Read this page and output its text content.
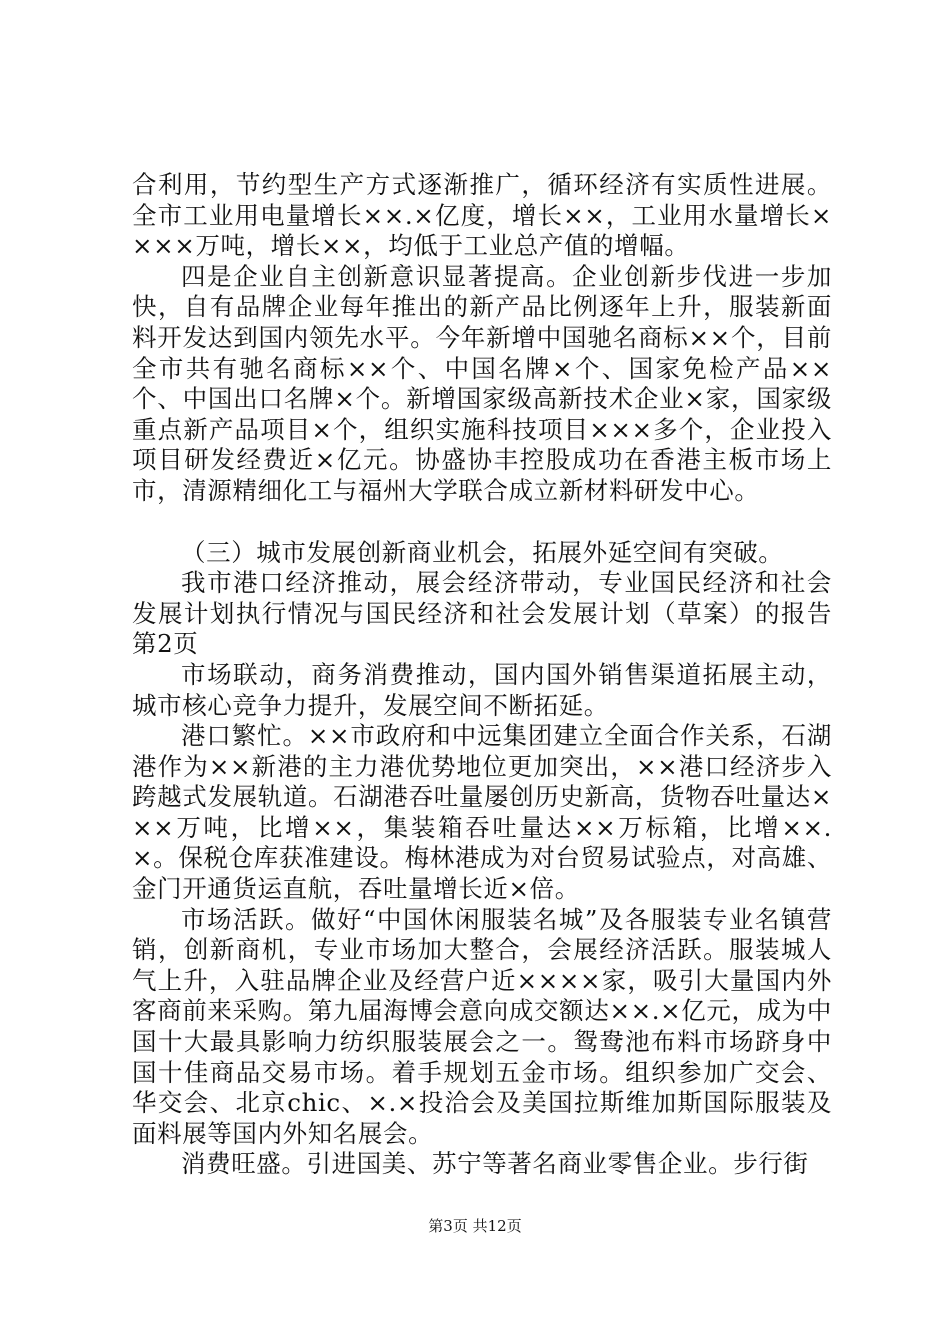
合利用，节约型生产方式逐渐推广，循环经济有实质性进展。全市工业用电量增长××.×亿度，增长××，工业用水量增长××××万吨，增长××，均低于工业总产值的增幅。

四是企业自主创新意识显著提高。企业创新步伐进一步加快，自有品牌企业每年推出的新产品比例逐年上升，服装新面料开发达到国内领先水平。今年新增中国驰名商标××个，目前全市共有驰名商标××个、中国名牌×个、国家免检产品××个、中国出口名牌×个。新增国家级高新技术企业×家，国家级重点新产品项目×个，组织实施科技项目×××多个，企业投入项目研发经费近×亿元。协盛协丰控股成功在香港主板市场上市，清源精细化工与福州大学联合成立新材料研发中心。

（三）城市发展创新商业机会，拓展外延空间有突破。

我市港口经济推动，展会经济带动，专业国民经济和社会发展计划执行情况与国民经济和社会发展计划（草案）的报告第2页

市场联动，商务消费推动，国内国外销售渠道拓展主动，城市核心竞争力提升，发展空间不断拓延。

港口繁忙。××市政府和中远集团建立全面合作关系，石湖港作为××新港的主力港优势地位更加突出，××港口经济步入跨越式发展轨道。石湖港吞吐量屡创历史新高，货物吞吐量达×××万吨，比增××，集装箱吞吐量达××万标箱，比增××.×。保税仓库获准建设。梅林港成为对台贸易试验点，对高雄、金门开通货运直航，吞吐量增长近×倍。

市场活跃。做好“中国休闲服装名城”及各服装专业名镇营销，创新商机，专业市场加大整合，会展经济活跃。服装城人气上升，入驻品牌企业及经营户近××××家，吸引大量国内外客商前来采购。第九届海博会意向成交额达××.×亿元，成为中国十大最具影响力纺织服装展会之一。鸳鸯池布料市场跻身中国十佳商品交易市场。着手规划五金市场。组织参加广交会、华交会、北京chic、×.×投洽会及美国拉斯维加斯国际服装及面料展等国内外知名展会。

消费旺盛。引进国美、苏宁等著名商业零售企业。步行街

第3页 共12页
